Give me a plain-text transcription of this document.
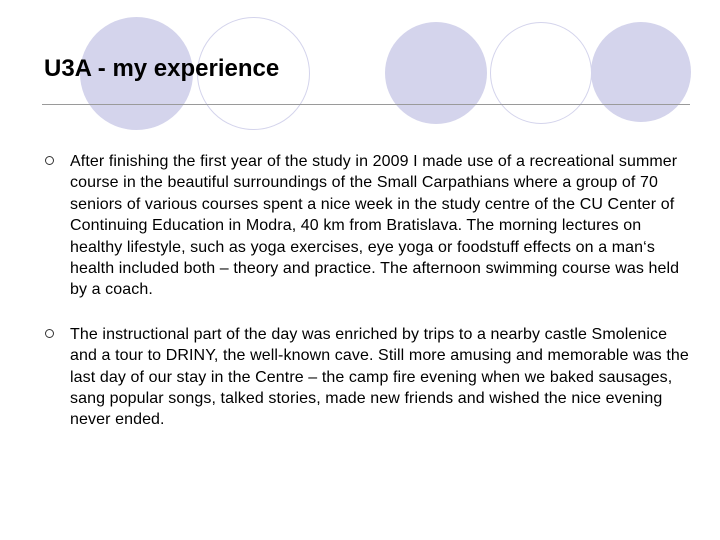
U3A - my experience
After finishing the first year of the study in 2009 I made use of a recreational summer course in the beautiful surroundings of the Small Carpathians where a group of 70 seniors of various courses spent a nice week in the study centre of the CU Center of Continuing Education in Modra, 40 km from Bratislava. The morning lectures on healthy lifestyle, such as yoga exercises, eye yoga or foodstuff effects on a man‘s health included both – theory and practice. The afternoon swimming course was held by a coach.
The instructional part of the day was enriched by trips to a nearby castle Smolenice and a tour to DRINY, the well-known cave. Still more amusing and memorable was the last day of our stay in the Centre – the camp fire evening when we baked sausages, sang popular songs, talked stories, made new friends and wished the nice evening never ended.
